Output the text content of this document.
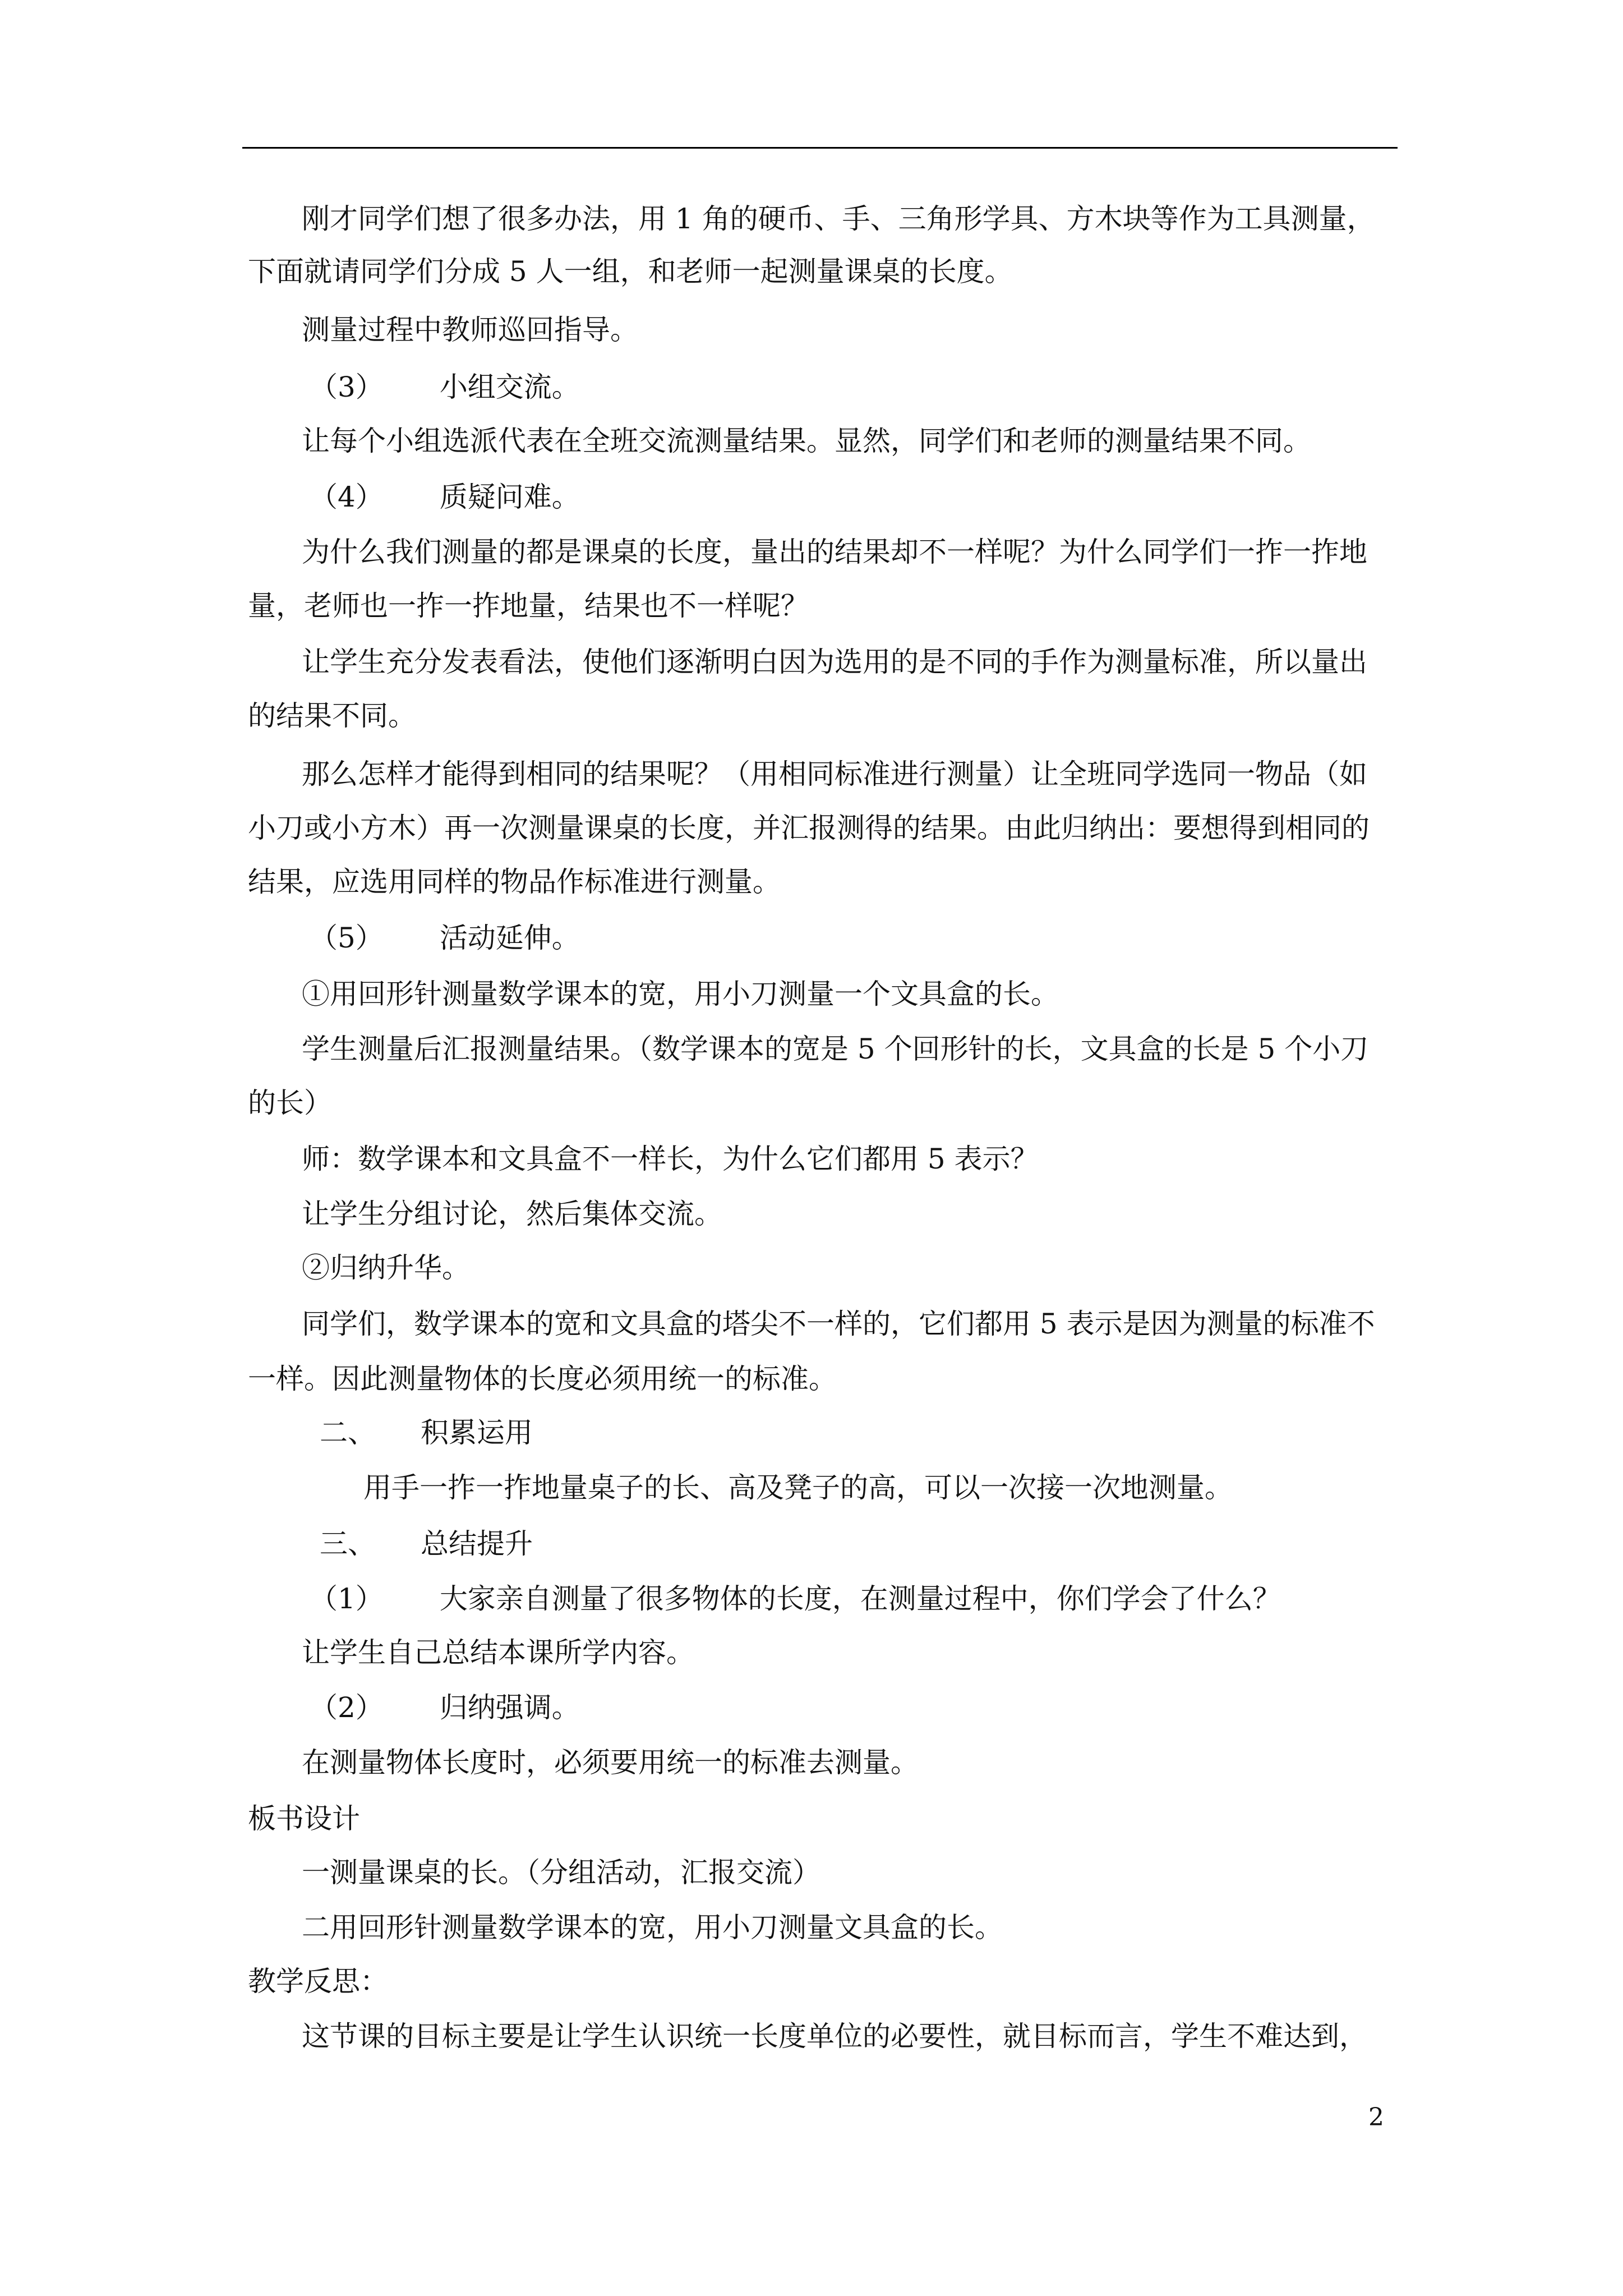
刚才同学们想了很多办法，用 1 角的硬币、手、三角形学具、方木块等作为工具测量，
下面就请同学们分成 5 人一组，和老师一起测量课桌的长度。
测量过程中教师巡回指导。
（3） 小组交流。
让每个小组选派代表在全班交流测量结果。显然，同学们和老师的测量结果不同。
（4） 质疑问难。
为什么我们测量的都是课桌的长度，量出的结果却不一样呢？为什么同学们一拃一拃地
量，老师也一拃一拃地量，结果也不一样呢？
让学生充分发表看法，使他们逐渐明白因为选用的是不同的手作为测量标准，所以量出
的结果不同。
那么怎样才能得到相同的结果呢？（用相同标准进行测量）让全班同学选同一物品（如
小刀或小方木）再一次测量课桌的长度，并汇报测得的结果。由此归纳出：要想得到相同的
结果，应选用同样的物品作标准进行测量。
（5） 活动延伸。
①用回形针测量数学课本的宽，用小刀测量一个文具盒的长。
学生测量后汇报测量结果。（数学课本的宽是 5 个回形针的长，文具盒的长是 5 个小刀
的长）
师：数学课本和文具盒不一样长，为什么它们都用 5 表示？
让学生分组讨论，然后集体交流。
②归纳升华。
同学们，数学课本的宽和文具盒的塔尖不一样的，它们都用 5 表示是因为测量的标准不
一样。因此测量物体的长度必须用统一的标准。
二、 积累运用
用手一拃一拃地量桌子的长、高及凳子的高，可以一次接一次地测量。
三、 总结提升
（1） 大家亲自测量了很多物体的长度，在测量过程中，你们学会了什么？
让学生自己总结本课所学内容。
（2） 归纳强调。
在测量物体长度时，必须要用统一的标准去测量。
板书设计
一测量课桌的长。（分组活动，汇报交流）
二用回形针测量数学课本的宽，用小刀测量文具盒的长。
教学反思：
这节课的目标主要是让学生认识统一长度单位的必要性，就目标而言，学生不难达到，
2
